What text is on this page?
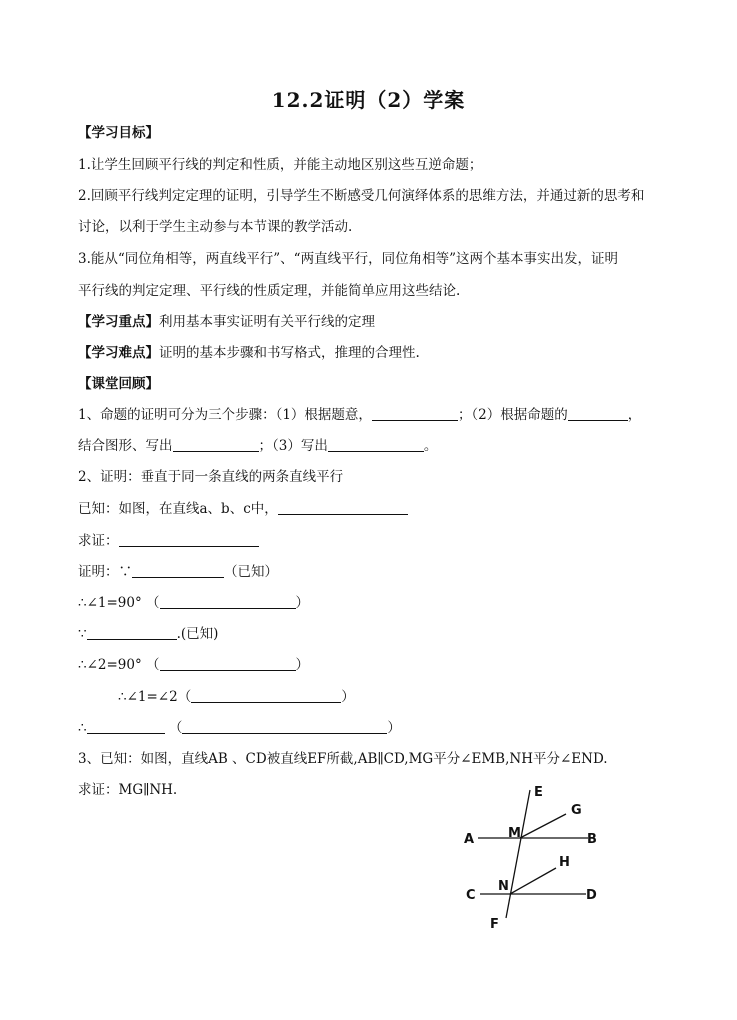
12.2证明（2）学案
【学习目标】
1.让学生回顾平行线的判定和性质，并能主动地区别这些互逆命题；
2.回顾平行线判定定理的证明，引导学生不断感受几何演绎体系的思维方法，并通过新的思考和
讨论，以利于学生主动参与本节课的教学活动.
3.能从“同位角相等，两直线平行”、“两直线平行，同位角相等”这两个基本事实出发，证明
平行线的判定定理、平行线的性质定理，并能简单应用这些结论.
【学习重点】利用基本事实证明有关平行线的定理
【学习难点】证明的基本步骤和书写格式，推理的合理性.
【课堂回顾】
1、命题的证明可分为三个步骤：（1）根据题意，	；（2）根据命题的	，
结合图形、写出	；（3）写出	。
2、证明：垂直于同一条直线的两条直线平行
已知：如图，在直线a、b、c中，
求证：
证明：∵	（已知）
∴∠1=90° （	）
∵	.(已知)
∴∠2=90° （	）
∴∠1=∠2（	）
∴	（	）
3、已知：如图，直线AB 、CD被直线EF所截,AB∥CD,MG平分∠EMB,NH平分∠END.
求证：MG∥NH.	E
G
A	M	B
H
C
N
D
F
